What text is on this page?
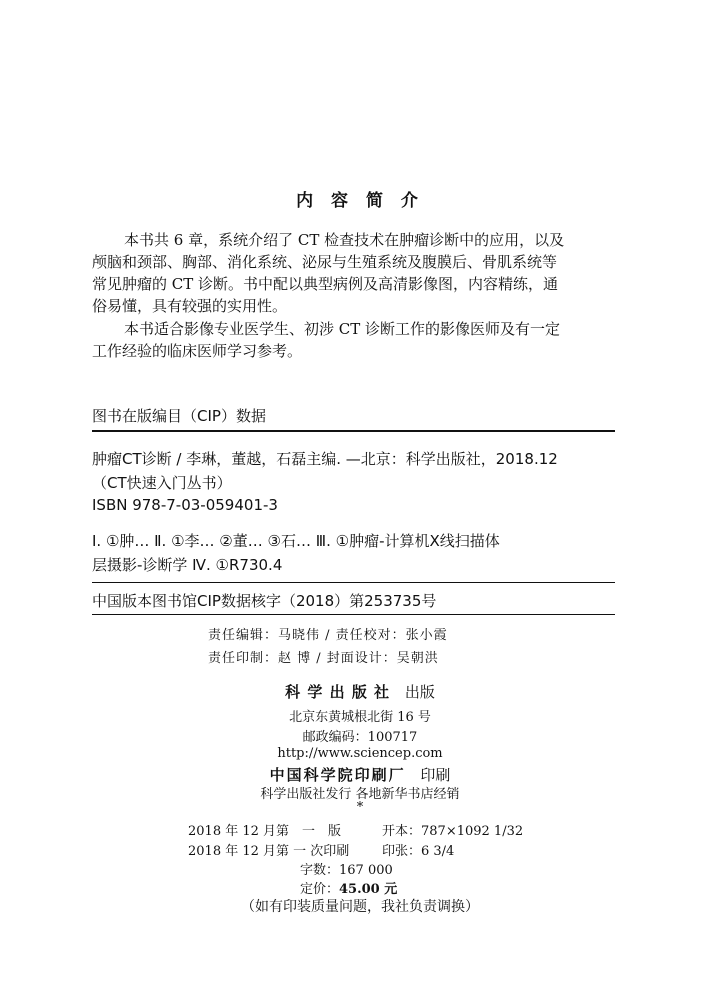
内 容 简 介
本书共 6 章，系统介绍了 CT 检查技术在肿瘤诊断中的应用，以及
颅脑和颈部、胸部、消化系统、泌尿与生殖系统及腹膜后、骨肌系统等
常见肿瘤的 CT 诊断。书中配以典型病例及高清影像图，内容精练，通
俗易懂，具有较强的实用性。
本书适合影像专业医学生、初涉 CT 诊断工作的影像医师及有一定
工作经验的临床医师学习参考。
图书在版编目（CIP）数据
肿瘤CT诊断 / 李琳，董越，石磊主编. —北京：科学出版社，2018.12
（CT快速入门丛书）
ISBN 978-7-03-059401-3
Ⅰ. ①肿… Ⅱ. ①李… ②董… ③石… Ⅲ. ①肿瘤-计算机X线扫描体
层摄影-诊断学 Ⅳ. ①R730.4
中国版本图书馆CIP数据核字（2018）第253735号
责任编辑：马晓伟 / 责任校对：张小霞
责任印制：赵 博 / 封面设计：吴朝洪
科 学 出 版 社 出版
北京东黄城根北街 16 号
邮政编码：100717
http://www.sciencep.com
中国科学院印刷厂 印刷
科学出版社发行 各地新华书店经销
*
2018 年 12 月第　一　版	开本：787×1092 1/32
2018 年 12 月第 一 次印刷	印张：6 3/4
字数：167 000
定价：45.00 元
（如有印装质量问题，我社负责调换）
